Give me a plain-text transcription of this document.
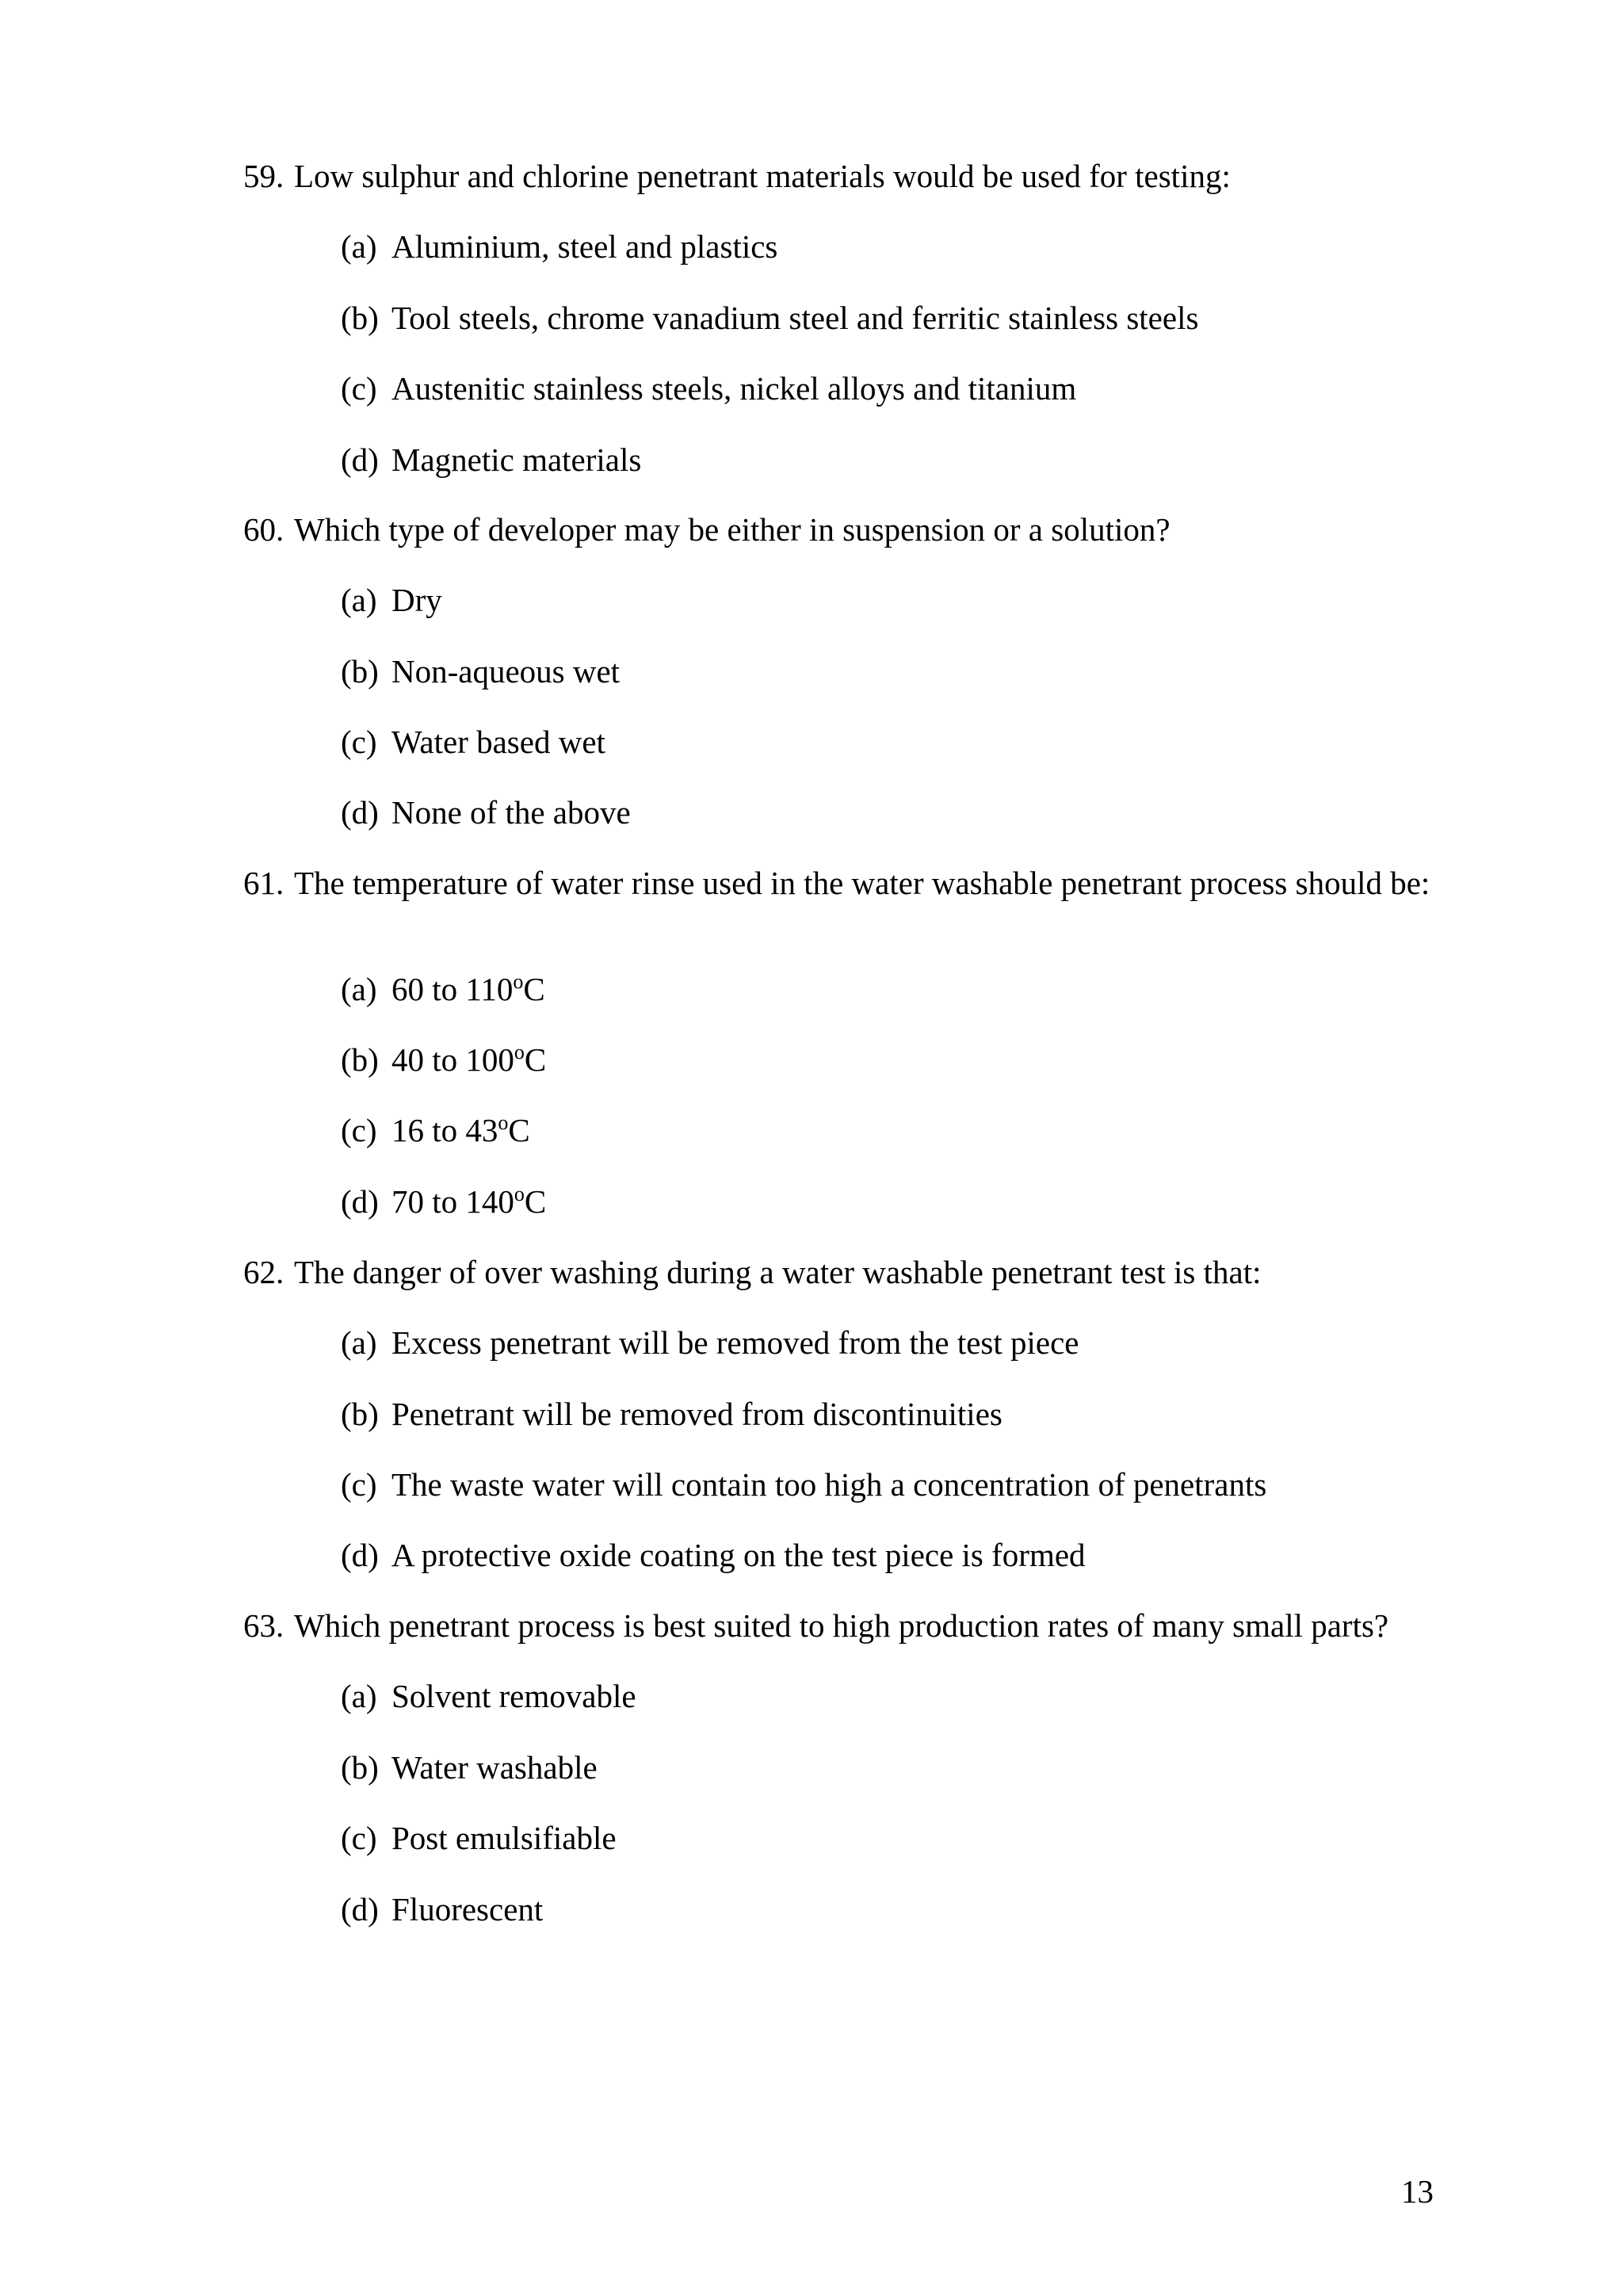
59. Low sulphur and chlorine penetrant materials would be used for testing:
(a) Aluminium, steel and plastics
(b) Tool steels, chrome vanadium steel and ferritic stainless steels
(c) Austenitic stainless steels, nickel alloys and titanium
(d) Magnetic materials
60. Which type of developer may be either in suspension or a solution?
(a) Dry
(b) Non-aqueous wet
(c) Water based wet
(d) None of the above
61. The temperature of water rinse used in the water washable penetrant process should be:
(a) 60 to 110$^o$C
(b) 40 to 100$^o$C
(c) 16 to 43$^o$C
(d) 70 to 140$^o$C
62. The danger of over washing during a water washable penetrant test is that:
(a) Excess penetrant will be removed from the test piece
(b) Penetrant will be removed from discontinuities
(c) The waste water will contain too high a concentration of penetrants
(d) A protective oxide coating on the test piece is formed
63. Which penetrant process is best suited to high production rates of many small parts?
(a) Solvent removable
(b) Water washable
(c) Post emulsifiable
(d) Fluorescent
13
